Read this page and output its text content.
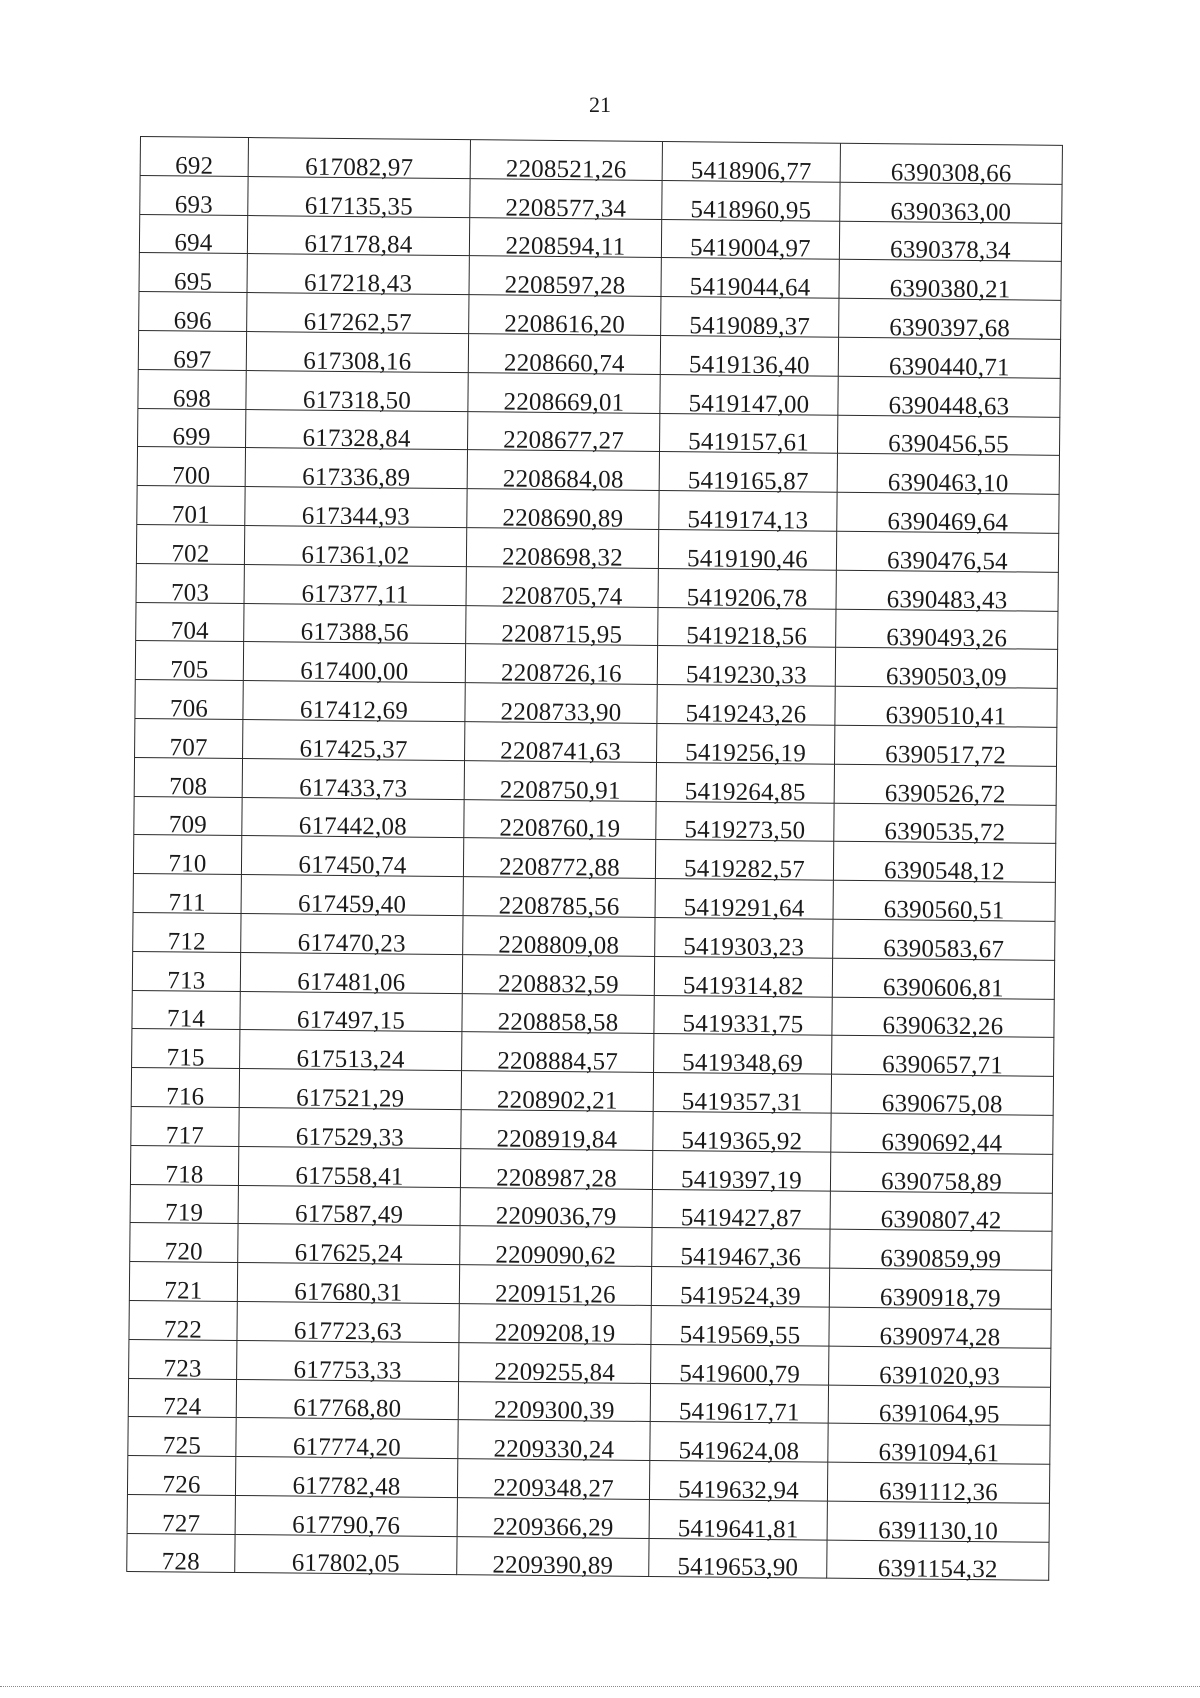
21
692	617082,97	2208521,26	5418906,77	6390308,66
693	617135,35	2208577,34	5418960,95	6390363,00
694	617178,84	2208594,11	5419004,97	6390378,34
695	617218,43	2208597,28	5419044,64	6390380,21
696	617262,57	2208616,20	5419089,37	6390397,68
697	617308,16	2208660,74	5419136,40	6390440,71
698	617318,50	2208669,01	5419147,00	6390448,63
699	617328,84	2208677,27	5419157,61	6390456,55
700	617336,89	2208684,08	5419165,87	6390463,10
701	617344,93	2208690,89	5419174,13	6390469,64
702	617361,02	2208698,32	5419190,46	6390476,54
703	617377,11	2208705,74	5419206,78	6390483,43
704	617388,56	2208715,95	5419218,56	6390493,26
705	617400,00	2208726,16	5419230,33	6390503,09
706	617412,69	2208733,90	5419243,26	6390510,41
707	617425,37	2208741,63	5419256,19	6390517,72
708	617433,73	2208750,91	5419264,85	6390526,72
709	617442,08	2208760,19	5419273,50	6390535,72
710	617450,74	2208772,88	5419282,57	6390548,12
711	617459,40	2208785,56	5419291,64	6390560,51
712	617470,23	2208809,08	5419303,23	6390583,67
713	617481,06	2208832,59	5419314,82	6390606,81
714	617497,15	2208858,58	5419331,75	6390632,26
715	617513,24	2208884,57	5419348,69	6390657,71
716	617521,29	2208902,21	5419357,31	6390675,08
717	617529,33	2208919,84	5419365,92	6390692,44
718	617558,41	2208987,28	5419397,19	6390758,89
719	617587,49	2209036,79	5419427,87	6390807,42
720	617625,24	2209090,62	5419467,36	6390859,99
721	617680,31	2209151,26	5419524,39	6390918,79
722	617723,63	2209208,19	5419569,55	6390974,28
723	617753,33	2209255,84	5419600,79	6391020,93
724	617768,80	2209300,39	5419617,71	6391064,95
725	617774,20	2209330,24	5419624,08	6391094,61
726	617782,48	2209348,27	5419632,94	6391112,36
727	617790,76	2209366,29	5419641,81	6391130,10
728	617802,05	2209390,89	5419653,90	6391154,32
